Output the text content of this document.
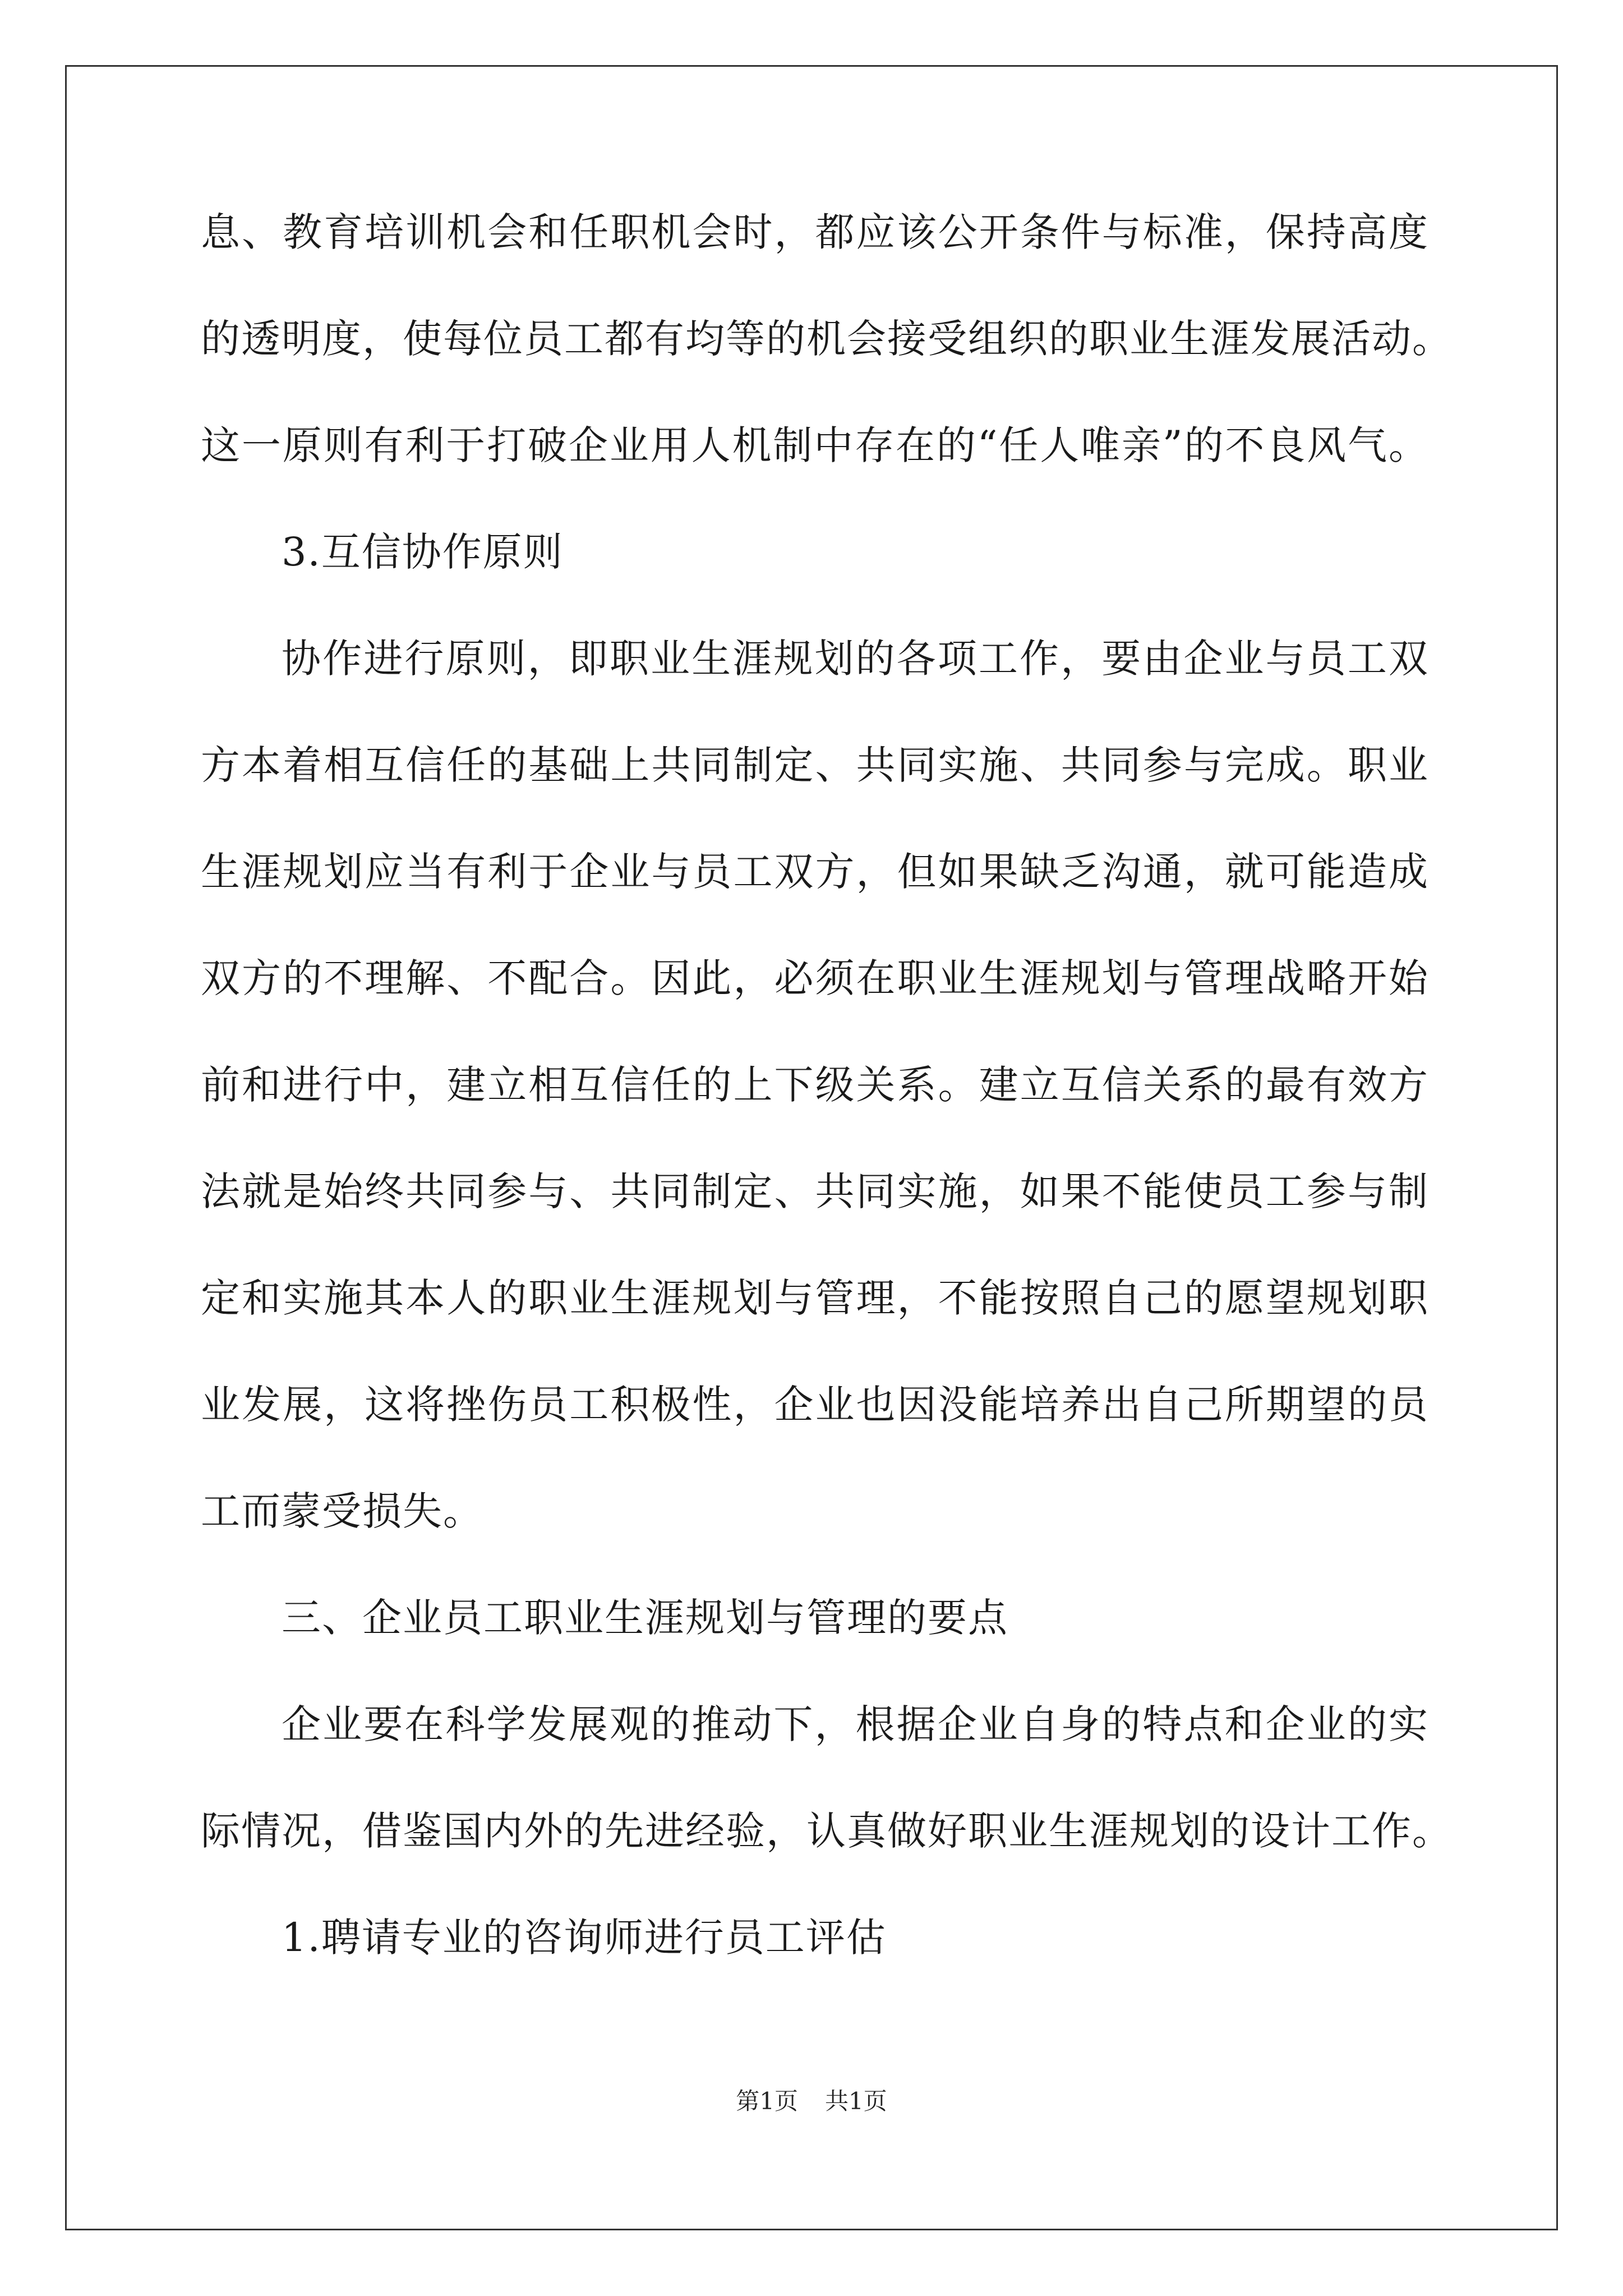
息、教育培训机会和任职机会时，都应该公开条件与标准，保持高度
的透明度，使每位员工都有均等的机会接受组织的职业生涯发展活动。
这一原则有利于打破企业用人机制中存在的“任人唯亲”的不良风气。
3.互信协作原则
协作进行原则，即职业生涯规划的各项工作，要由企业与员工双
方本着相互信任的基础上共同制定、共同实施、共同参与完成。职业
生涯规划应当有利于企业与员工双方，但如果缺乏沟通，就可能造成
双方的不理解、不配合。因此，必须在职业生涯规划与管理战略开始
前和进行中，建立相互信任的上下级关系。建立互信关系的最有效方
法就是始终共同参与、共同制定、共同实施，如果不能使员工参与制
定和实施其本人的职业生涯规划与管理，不能按照自己的愿望规划职
业发展，这将挫伤员工积极性，企业也因没能培养出自己所期望的员
工而蒙受损失。
三、企业员工职业生涯规划与管理的要点
企业要在科学发展观的推动下，根据企业自身的特点和企业的实
际情况，借鉴国内外的先进经验，认真做好职业生涯规划的设计工作。
1.聘请专业的咨询师进行员工评估
第1页 共1页
